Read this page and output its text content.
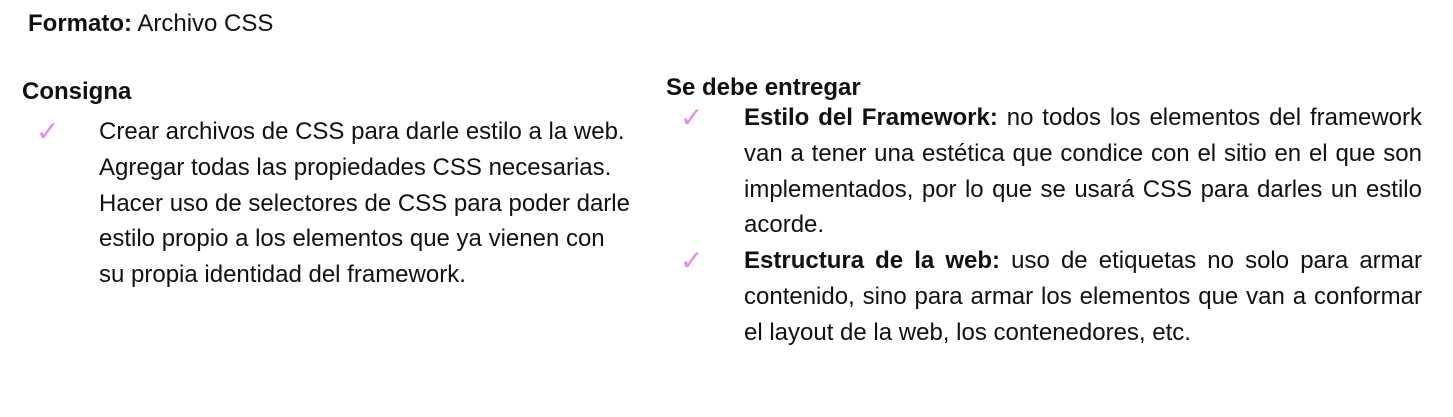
Formato: Archivo CSS
Consigna
✓ Crear archivos de CSS para darle estilo a la web. Agregar todas las propiedades CSS necesarias. Hacer uso de selectores de CSS para poder darle estilo propio a los elementos que ya vienen con su propia identidad del framework.
Se debe entregar
✓ Estilo del Framework: no todos los elementos del framework van a tener una estética que condice con el sitio en el que son implementados, por lo que se usará CSS para darles un estilo acorde.
✓ Estructura de la web: uso de etiquetas no solo para armar contenido, sino para armar los elementos que van a conformar el layout de la web, los contenedores, etc.
